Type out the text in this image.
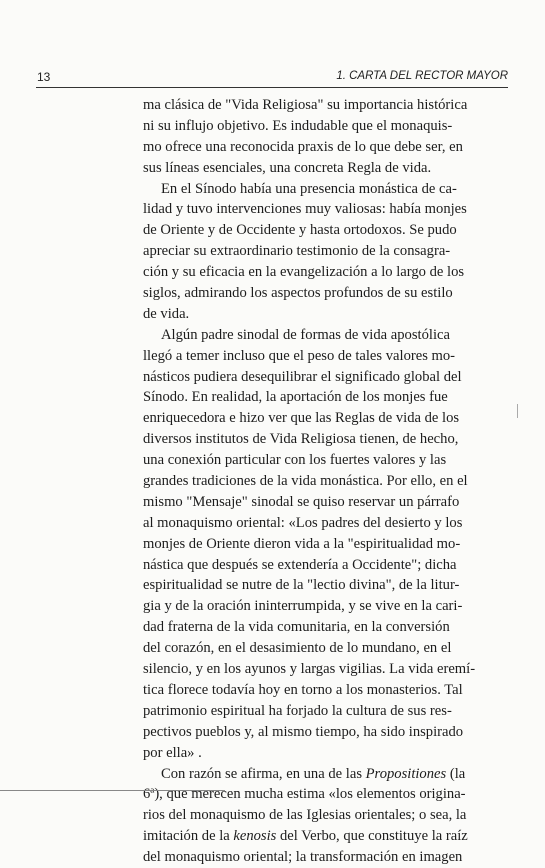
13	1. CARTA DEL RECTOR MAYOR
ma clásica de "Vida Religiosa" su importancia histórica
ni su influjo objetivo. Es indudable que el monaquis-
mo ofrece una reconocida praxis de lo que debe ser, en
sus líneas esenciales, una concreta Regla de vida.
En el Sínodo había una presencia monástica de ca-
lidad y tuvo intervenciones muy valiosas: había monjes
de Oriente y de Occidente y hasta ortodoxos. Se pudo
apreciar su extraordinario testimonio de la consagra-
ción y su eficacia en la evangelización a lo largo de los
siglos, admirando los aspectos profundos de su estilo
de vida.
Algún padre sinodal de formas de vida apostólica
llegó a temer incluso que el peso de tales valores mo-
násticos pudiera desequilibrar el significado global del
Sínodo. En realidad, la aportación de los monjes fue
enriquecedora e hizo ver que las Reglas de vida de los
diversos institutos de Vida Religiosa tienen, de hecho,
una conexión particular con los fuertes valores y las
grandes tradiciones de la vida monástica. Por ello, en el
mismo "Mensaje" sinodal se quiso reservar un párrafo
al monaquismo oriental: «Los padres del desierto y los
monjes de Oriente dieron vida a la "espiritualidad mo-
nástica que después se extendería a Occidente"; dicha
espiritualidad se nutre de la "lectio divina", de la litur-
gia y de la oración ininterrumpida, y se vive en la cari-
dad fraterna de la vida comunitaria, en la conversión
del corazón, en el desasimiento de lo mundano, en el
silencio, y en los ayunos y largas vigilias. La vida eremí-
tica florece todavía hoy en torno a los monasterios. Tal
patrimonio espiritual ha forjado la cultura de sus res-
pectivos pueblos y, al mismo tiempo, ha sido inspirado
por ella» .
Con razón se afirma, en una de las Propositiones (la
6ª), que merecen mucha estima «los elementos origina-
rios del monaquismo de las Iglesias orientales; o sea, la
imitación de la kenosis del Verbo, que constituye la raíz
del monaquismo oriental; la transformación en imagen
